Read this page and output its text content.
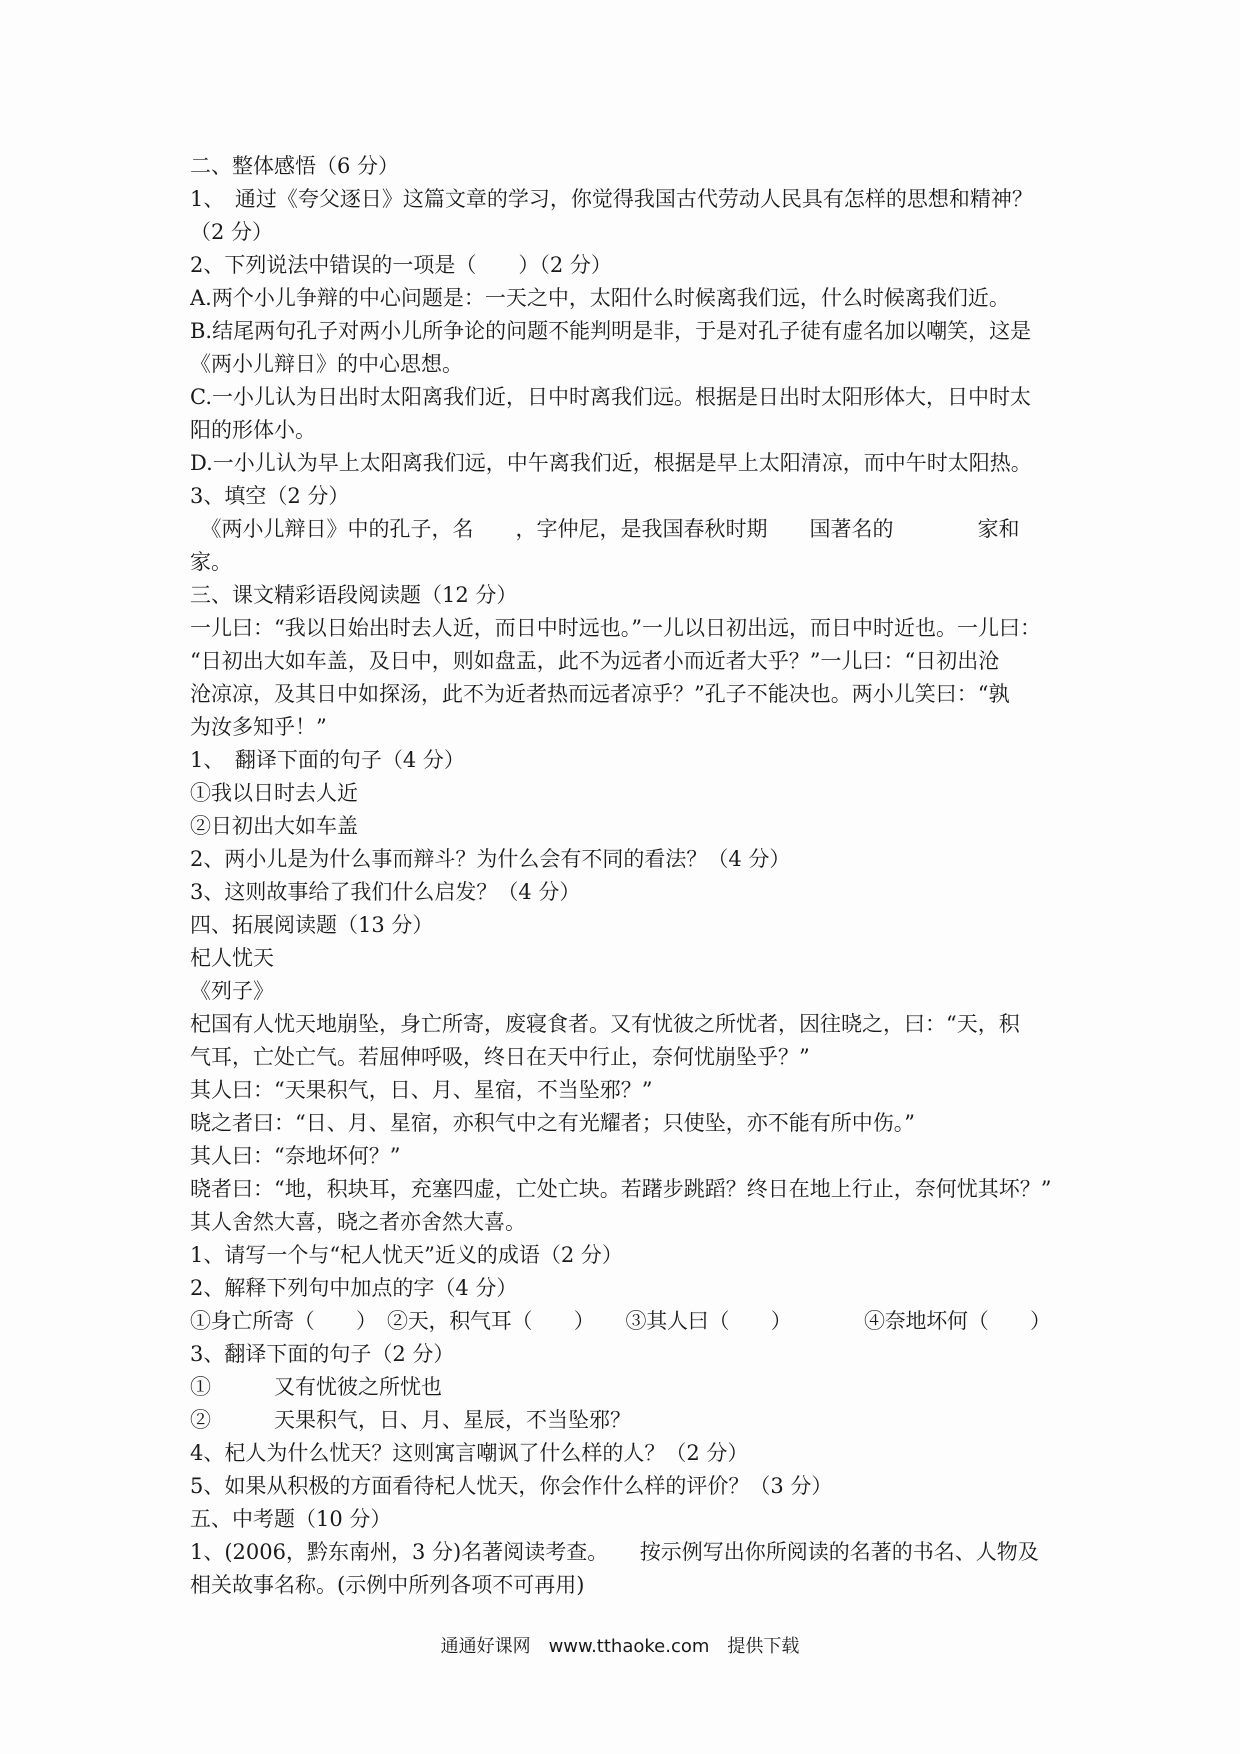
二、整体感悟（6 分）
1、　通过《夸父逐日》这篇文章的学习，你觉得我国古代劳动人民具有怎样的思想和精神？
（2 分）
2、下列说法中错误的一项是（　　）（2 分）
A.两个小儿争辩的中心问题是：一天之中，太阳什么时候离我们远，什么时候离我们近。
B.结尾两句孔子对两小儿所争论的问题不能判明是非，于是对孔子徒有虚名加以嘲笑，这是
《两小儿辩日》的中心思想。
C.一小儿认为日出时太阳离我们近，日中时离我们远。根据是日出时太阳形体大，日中时太
阳的形体小。
D.一小儿认为早上太阳离我们远，中午离我们近，根据是早上太阳清凉，而中午时太阳热。
3、填空（2 分）
　《两小儿辩日》中的孔子，名　　，字仲尼，是我国春秋时期　　国著名的　　　　家和
家。
三、课文精彩语段阅读题（12 分）
一儿曰：“我以日始出时去人近，而日中时远也。”一儿以日初出远，而日中时近也。一儿曰：
“日初出大如车盖，及日中，则如盘盂，此不为远者小而近者大乎？”一儿曰：“日初出沧
沧凉凉，及其日中如探汤，此不为近者热而远者凉乎？”孔子不能决也。两小儿笑曰：“孰
为汝多知乎！”
1、　翻译下面的句子（4 分）
①我以日时去人近
②日初出大如车盖
2、两小儿是为什么事而辩斗？为什么会有不同的看法？（4 分）
3、这则故事给了我们什么启发？（4 分）
四、拓展阅读题（13 分）
杞人忧天
《列子》
杞国有人忧天地崩坠，身亡所寄，废寝食者。又有忧彼之所忧者，因往晓之，曰：“天，积
气耳，亡处亡气。若屈伸呼吸，终日在天中行止，奈何忧崩坠乎？”
其人曰：“天果积气，日、月、星宿，不当坠邪？”
晓之者曰：“日、月、星宿，亦积气中之有光耀者；只使坠，亦不能有所中伤。”
其人曰：“奈地坏何？”
晓者曰：“地，积块耳，充塞四虚，亡处亡块。若躇步跳蹈？终日在地上行止，奈何忧其坏？”
其人舍然大喜，晓之者亦舍然大喜。
1、请写一个与“杞人忧天”近义的成语（2 分）
2、解释下列句中加点的字（4 分）
①身亡所寄（　　）　②天，积气耳（　　）　　③其人曰（　　）　　　　④奈地坏何（　　）
3、翻译下面的句子（2 分）
①　　　又有忧彼之所忧也
②　　　天果积气，日、月、星辰，不当坠邪？
4、杞人为什么忧天？这则寓言嘲讽了什么样的人？（2 分）
5、如果从积极的方面看待杞人忧天，你会作什么样的评价？（3 分）
五、中考题（10 分）
1、(2006，黔东南州，3 分)名著阅读考查。　　按示例写出你所阅读的名著的书名、人物及
相关故事名称。(示例中所列各项不可再用)
通通好课网　www.tthaoke.com　提供下载
